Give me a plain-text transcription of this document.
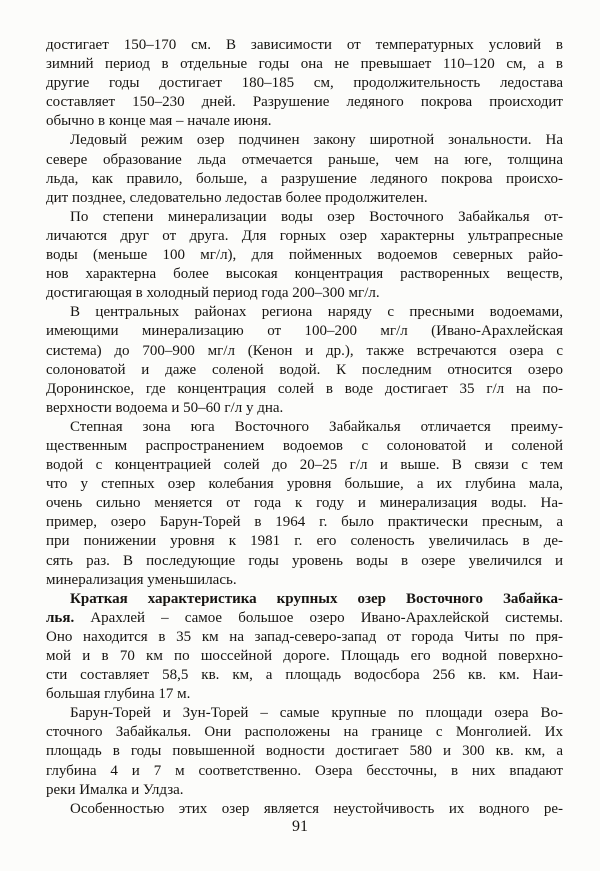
достигает 150–170 см. В зависимости от температурных условий в
зимний период в отдельные годы она не превышает 110–120 см, а в
другие годы достигает 180–185 см, продолжительность ледостава
составляет 150–230 дней. Разрушение ледяного покрова происходит
обычно в конце мая – начале июня.
Ледовый режим озер подчинен закону широтной зональности. На
севере образование льда отмечается раньше, чем на юге, толщина
льда, как правило, больше, а разрушение ледяного покрова происхо-
дит позднее, следовательно ледостав более продолжителен.
По степени минерализации воды озер Восточного Забайкалья от-
личаются друг от друга. Для горных озер характерны ультрапресные
воды (меньше 100 мг/л), для пойменных водоемов северных райо-
нов характерна более высокая концентрация растворенных веществ,
достигающая в холодный период года 200–300 мг/л.
В центральных районах региона наряду с пресными водоемами,
имеющими минерализацию от 100–200 мг/л (Ивано-Арахлейская
система) до 700–900 мг/л (Кенон и др.), также встречаются озера с
солоноватой и даже соленой водой. К последним относится озеро
Доронинское, где концентрация солей в воде достигает 35 г/л на по-
верхности водоема и 50–60 г/л у дна.
Степная зона юга Восточного Забайкалья отличается преиму-
щественным распространением водоемов с солоноватой и соленой
водой с концентрацией солей до 20–25 г/л и выше. В связи с тем
что у степных озер колебания уровня большие, а их глубина мала,
очень сильно меняется от года к году и минерализация воды. На-
пример, озеро Барун-Торей в 1964 г. было практически пресным, а
при понижении уровня к 1981 г. его соленость увеличилась в де-
сять раз. В последующие годы уровень воды в озере увеличился и
минерализация уменьшилась.
Краткая характеристика крупных озер Восточного Забайка-
лья. Арахлей – самое большое озеро Ивано-Арахлейской системы.
Оно находится в 35 км на запад-северо-запад от города Читы по пря-
мой и в 70 км по шоссейной дороге. Площадь его водной поверхно-
сти составляет 58,5 кв. км, а площадь водосбора 256 кв. км. Наи-
большая глубина 17 м.
Барун-Торей и Зун-Торей – самые крупные по площади озера Во-
сточного Забайкалья. Они расположены на границе с Монголией. Их
площадь в годы повышенной водности достигает 580 и 300 кв. км, а
глубина 4 и 7 м соответственно. Озера бессточны, в них впадают
реки Ималка и Улдза.
Особенностью этих озер является неустойчивость их водного ре-
91
